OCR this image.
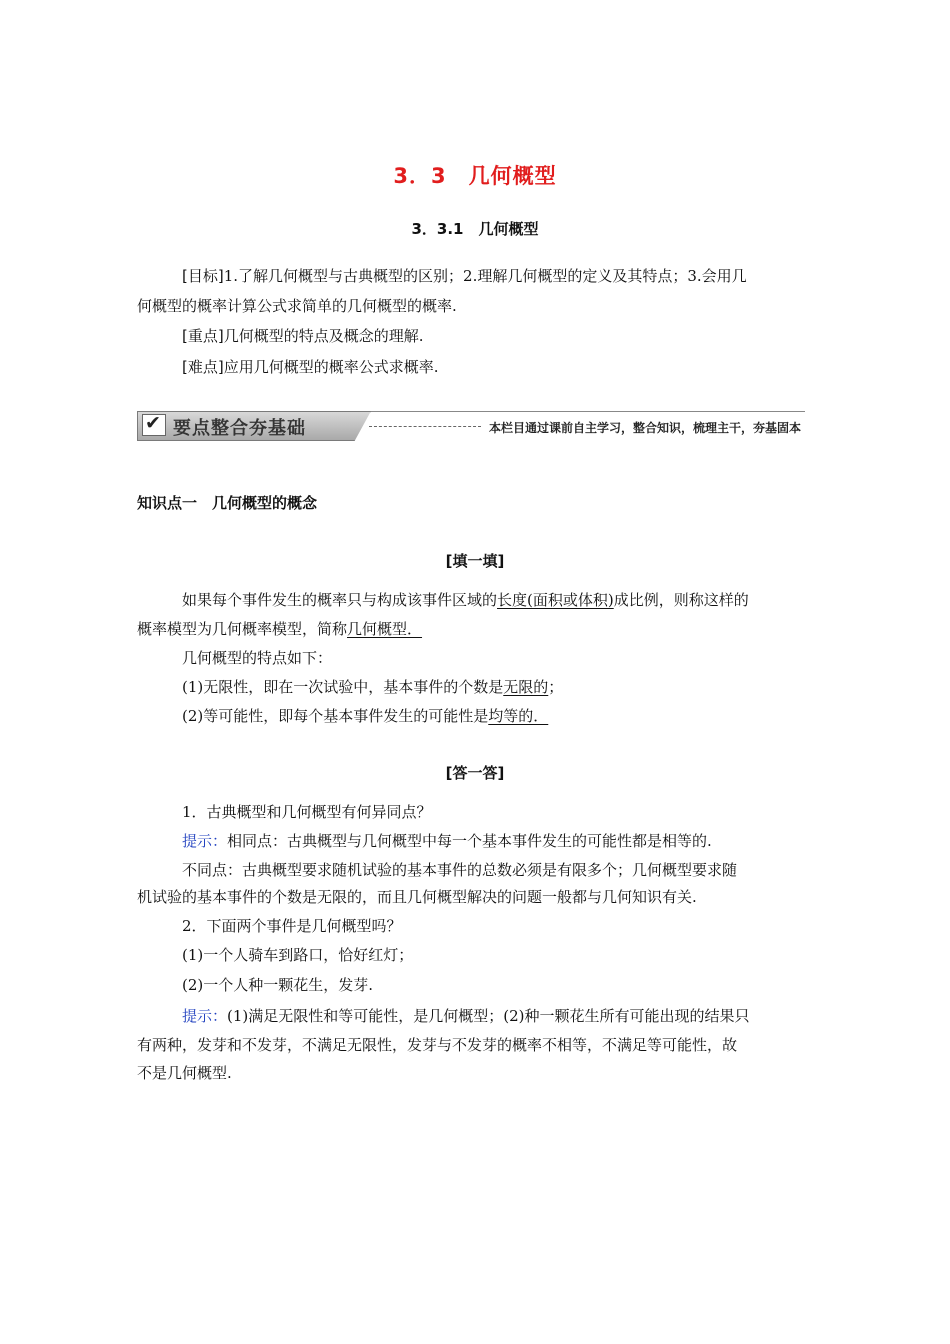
3．3　几何概型
3．3.1　几何概型
[目标]1.了解几何概型与古典概型的区别；2.理解几何概型的定义及其特点；3.会用几
何概型的概率计算公式求简单的几何概型的概率.
[重点]几何概型的特点及概念的理解.
[难点]应用几何概型的概率公式求概率.
✔ 要点整合夯基础	本栏目通过课前自主学习，整合知识，梳理主干，夯基固本
知识点一　几何概型的概念
[填一填]
如果每个事件发生的概率只与构成该事件区域的长度(面积或体积)成比例，则称这样的
概率模型为几何概率模型，简称几何概型．
几何概型的特点如下：
(1)无限性，即在一次试验中，基本事件的个数是无限的；
(2)等可能性，即每个基本事件发生的可能性是均等的．
[答一答]
1．古典概型和几何概型有何异同点？
提示：相同点：古典概型与几何概型中每一个基本事件发生的可能性都是相等的.
不同点：古典概型要求随机试验的基本事件的总数必须是有限多个；几何概型要求随
机试验的基本事件的个数是无限的，而且几何概型解决的问题一般都与几何知识有关.
2．下面两个事件是几何概型吗？
(1)一个人骑车到路口，恰好红灯；
(2)一个人种一颗花生，发芽.
提示：(1)满足无限性和等可能性，是几何概型；(2)种一颗花生所有可能出现的结果只
有两种，发芽和不发芽，不满足无限性，发芽与不发芽的概率不相等，不满足等可能性，故
不是几何概型.
